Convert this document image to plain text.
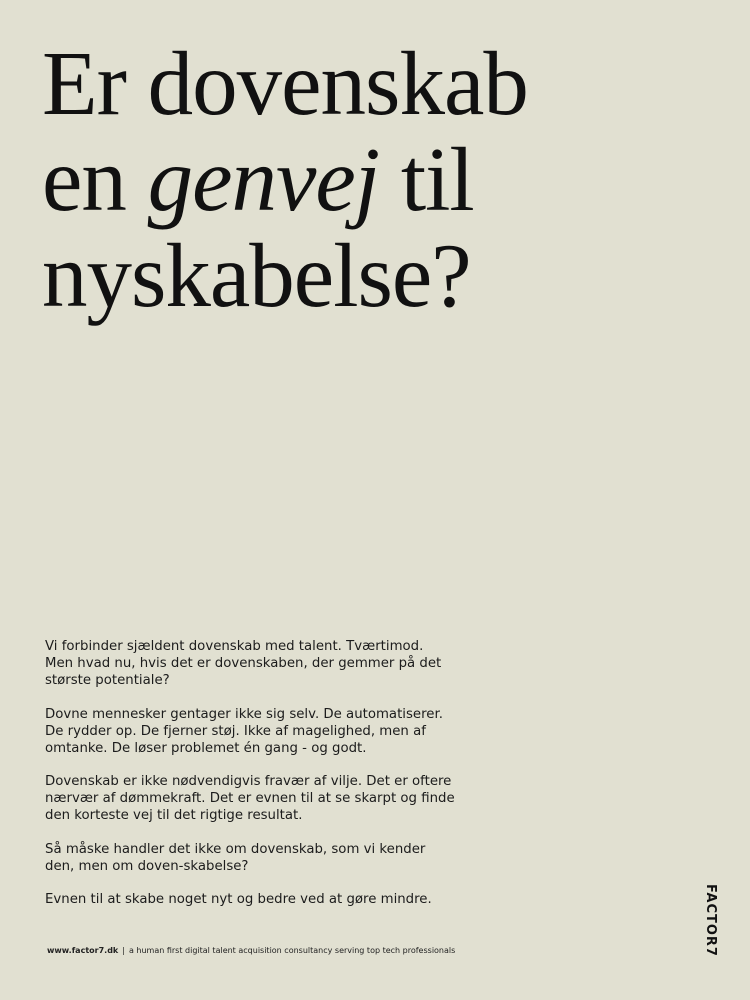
Er dovenskab
en genvej til
nyskabelse?

Vi forbinder sjældent dovenskab med talent. Tværtimod.
Men hvad nu, hvis det er dovenskaben, der gemmer på det
største potentiale?

Dovne mennesker gentager ikke sig selv. De automatiserer.
De rydder op. De fjerner støj. Ikke af magelighed, men af
omtanke. De løser problemet én gang - og godt.

Dovenskab er ikke nødvendigvis fravær af vilje. Det er oftere
nærvær af dømmekraft. Det er evnen til at se skarpt og finde
den korteste vej til det rigtige resultat.

Så måske handler det ikke om dovenskab, som vi kender
den, men om doven-skabelse?

Evnen til at skabe noget nyt og bedre ved at gøre mindre.

www.factor7.dk | a human first digital talent acquisition consultancy serving top tech professionals	FACTOR7
